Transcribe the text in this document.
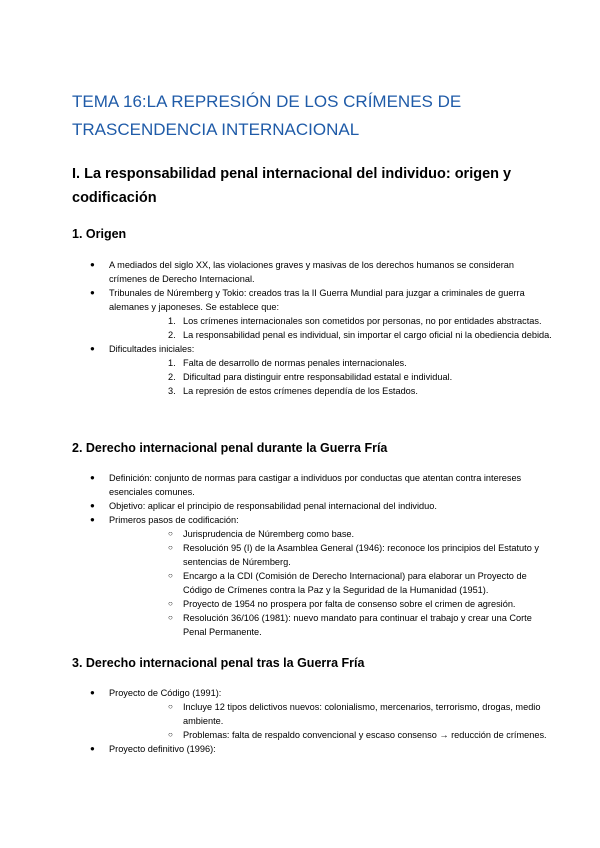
TEMA 16:LA REPRESIÓN DE LOS CRÍMENES DE TRASCENDENCIA INTERNACIONAL
I. La responsabilidad penal internacional del individuo: origen y codificación
1. Origen
● A mediados del siglo XX, las violaciones graves y masivas de los derechos humanos se consideran crímenes de Derecho Internacional.
● Tribunales de Núremberg y Tokio: creados tras la II Guerra Mundial para juzgar a criminales de guerra alemanes y japoneses. Se establece que:
1. Los crímenes internacionales son cometidos por personas, no por entidades abstractas.
2. La responsabilidad penal es individual, sin importar el cargo oficial ni la obediencia debida.
● Dificultades iniciales:
1. Falta de desarrollo de normas penales internacionales.
2. Dificultad para distinguir entre responsabilidad estatal e individual.
3. La represión de estos crímenes dependía de los Estados.
2. Derecho internacional penal durante la Guerra Fría
● Definición: conjunto de normas para castigar a individuos por conductas que atentan contra intereses esenciales comunes.
● Objetivo: aplicar el principio de responsabilidad penal internacional del individuo.
● Primeros pasos de codificación:
○ Jurisprudencia de Núremberg como base.
○ Resolución 95 (I) de la Asamblea General (1946): reconoce los principios del Estatuto y sentencias de Núremberg.
○ Encargo a la CDI (Comisión de Derecho Internacional) para elaborar un Proyecto de Código de Crímenes contra la Paz y la Seguridad de la Humanidad (1951).
○ Proyecto de 1954 no prospera por falta de consenso sobre el crimen de agresión.
○ Resolución 36/106 (1981): nuevo mandato para continuar el trabajo y crear una Corte Penal Permanente.
3. Derecho internacional penal tras la Guerra Fría
● Proyecto de Código (1991):
○ Incluye 12 tipos delictivos nuevos: colonialismo, mercenarios, terrorismo, drogas, medio ambiente.
○ Problemas: falta de respaldo convencional y escaso consenso → reducción de crímenes.
● Proyecto definitivo (1996):
